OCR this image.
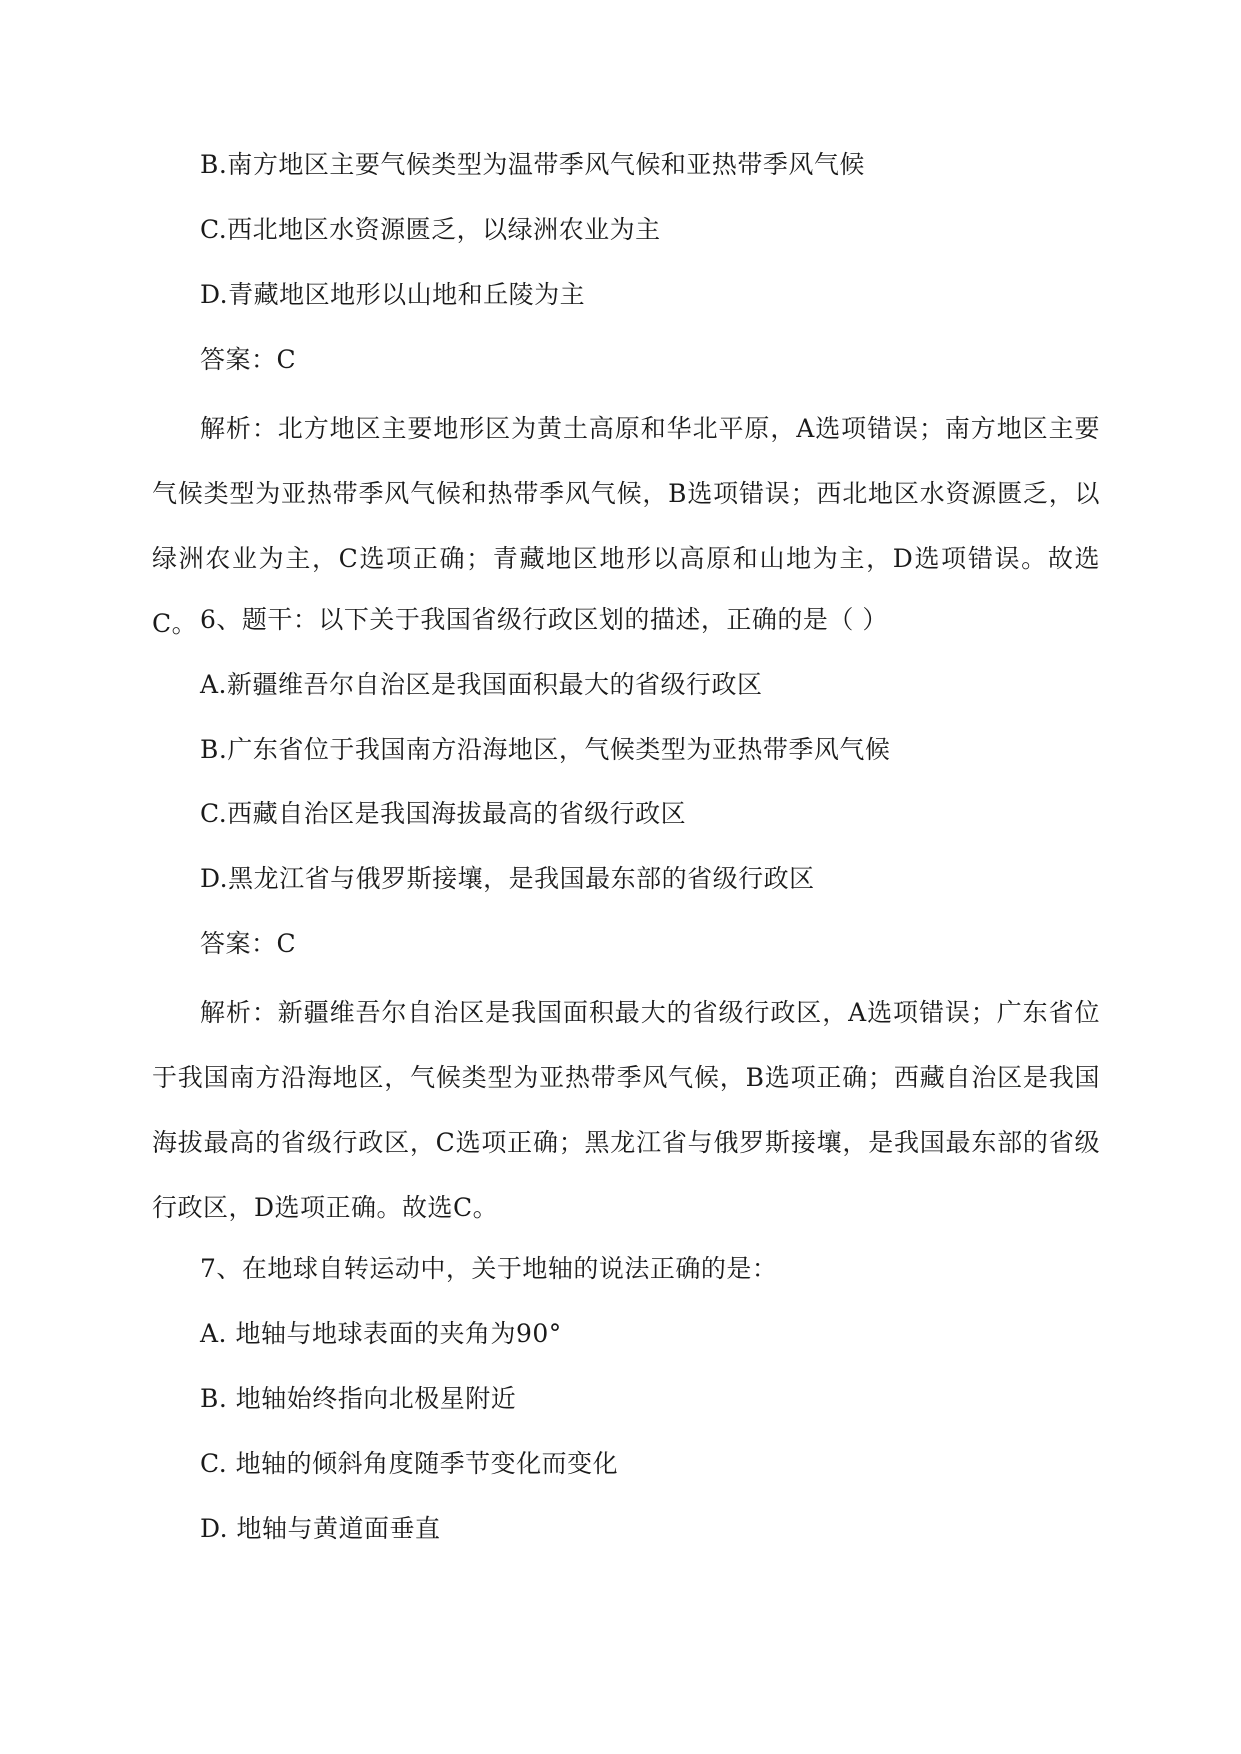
B.南方地区主要气候类型为温带季风气候和亚热带季风气候
C.西北地区水资源匮乏，以绿洲农业为主
D.青藏地区地形以山地和丘陵为主
答案：C
解析：北方地区主要地形区为黄土高原和华北平原，A选项错误；南方地区主要气候类型为亚热带季风气候和热带季风气候，B选项错误；西北地区水资源匮乏，以绿洲农业为主，C选项正确；青藏地区地形以高原和山地为主，D选项错误。故选C。 6、题干：以下关于我国省级行政区划的描述，正确的是（ ）
A.新疆维吾尔自治区是我国面积最大的省级行政区
B.广东省位于我国南方沿海地区，气候类型为亚热带季风气候
C.西藏自治区是我国海拔最高的省级行政区
D.黑龙江省与俄罗斯接壤，是我国最东部的省级行政区
答案：C
解析：新疆维吾尔自治区是我国面积最大的省级行政区，A选项错误；广东省位于我国南方沿海地区，气候类型为亚热带季风气候，B选项正确；西藏自治区是我国海拔最高的省级行政区，C选项正确；黑龙江省与俄罗斯接壤，是我国最东部的省级行政区，D选项正确。故选C。
7、在地球自转运动中，关于地轴的说法正确的是：
A. 地轴与地球表面的夹角为90°
B. 地轴始终指向北极星附近
C. 地轴的倾斜角度随季节变化而变化
D. 地轴与黄道面垂直
